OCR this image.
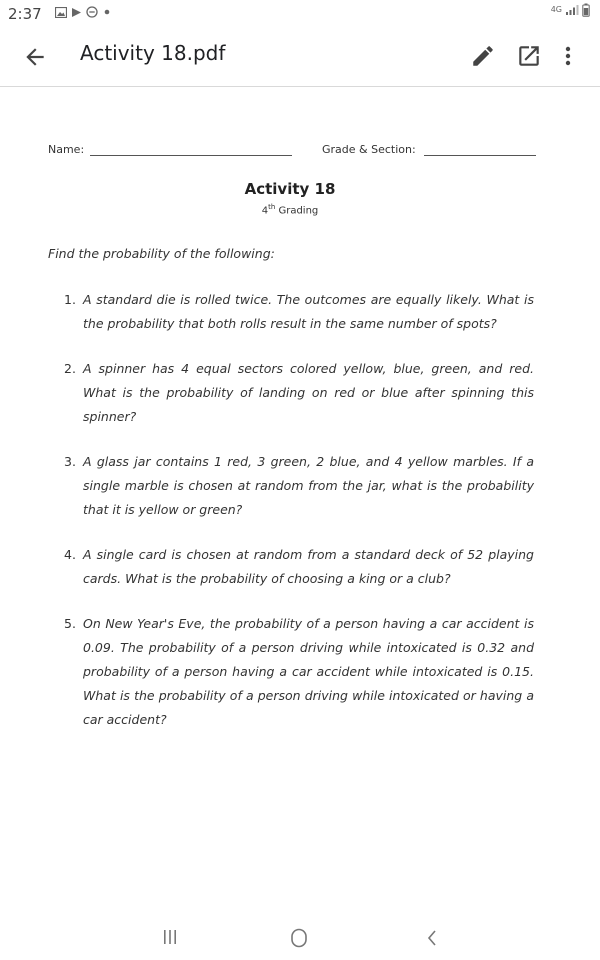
2:37	4G
Activity 18.pdf
Name:	Grade & Section:
Activity 18
4th Grading
Find the probability of the following:
1. A standard die is rolled twice. The outcomes are equally likely. What is the probability that both rolls result in the same number of spots?
2. A spinner has 4 equal sectors colored yellow, blue, green, and red. What is the probability of landing on red or blue after spinning this spinner?
3. A glass jar contains 1 red, 3 green, 2 blue, and 4 yellow marbles. If a single marble is chosen at random from the jar, what is the probability that it is yellow or green?
4. A single card is chosen at random from a standard deck of 52 playing cards. What is the probability of choosing a king or a club?
5. On New Year's Eve, the probability of a person having a car accident is 0.09. The probability of a person driving while intoxicated is 0.32 and probability of a person having a car accident while intoxicated is 0.15. What is the probability of a person driving while intoxicated or having a car accident?
